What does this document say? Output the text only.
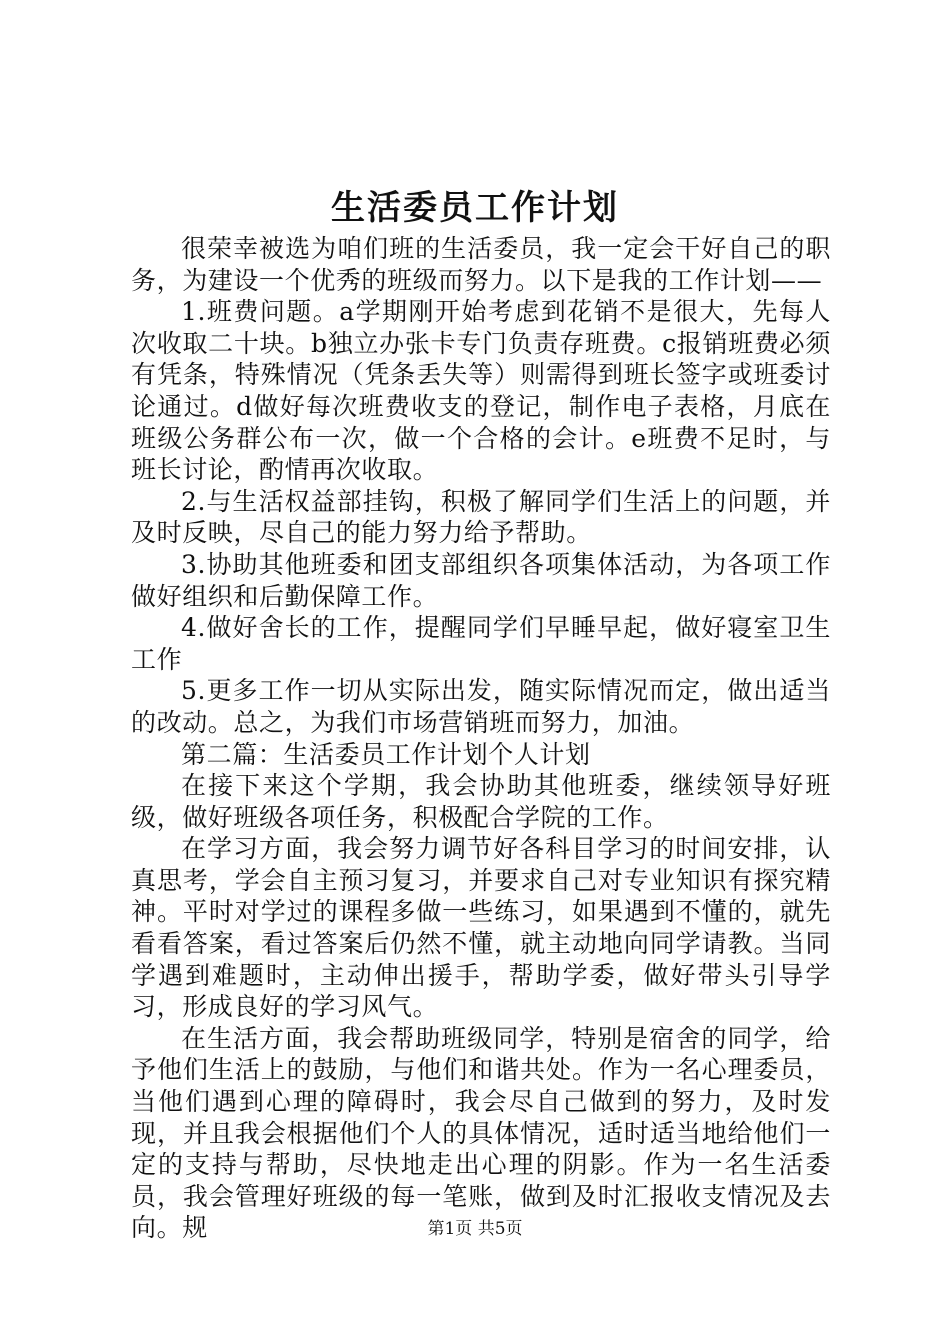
生活委员工作计划

很荣幸被选为咱们班的生活委员，我一定会干好自己的职务，为建设一个优秀的班级而努力。以下是我的工作计划——

1.班费问题。a学期刚开始考虑到花销不是很大，先每人次收取二十块。b独立办张卡专门负责存班费。c报销班费必须有凭条，特殊情况（凭条丢失等）则需得到班长签字或班委讨论通过。d做好每次班费收支的登记，制作电子表格，月底在班级公务群公布一次，做一个合格的会计。e班费不足时，与班长讨论，酌情再次收取。

2.与生活权益部挂钩，积极了解同学们生活上的问题，并及时反映，尽自己的能力努力给予帮助。

3.协助其他班委和团支部组织各项集体活动，为各项工作做好组织和后勤保障工作。

4.做好舍长的工作，提醒同学们早睡早起，做好寝室卫生工作

5.更多工作一切从实际出发，随实际情况而定，做出适当的改动。总之，为我们市场营销班而努力，加油。

第二篇：生活委员工作计划个人计划

在接下来这个学期，我会协助其他班委，继续领导好班级，做好班级各项任务，积极配合学院的工作。

在学习方面，我会努力调节好各科目学习的时间安排，认真思考，学会自主预习复习，并要求自己对专业知识有探究精神。平时对学过的课程多做一些练习，如果遇到不懂的，就先看看答案，看过答案后仍然不懂，就主动地向同学请教。当同学遇到难题时，主动伸出援手，帮助学委，做好带头引导学习，形成良好的学习风气。

在生活方面，我会帮助班级同学，特别是宿舍的同学，给予他们生活上的鼓励，与他们和谐共处。作为一名心理委员，当他们遇到心理的障碍时，我会尽自己做到的努力，及时发现，并且我会根据他们个人的具体情况，适时适当地给他们一定的支持与帮助，尽快地走出心理的阴影。作为一名生活委员，我会管理好班级的每一笔账，做到及时汇报收支情况及去向。规	第1页 共5页
